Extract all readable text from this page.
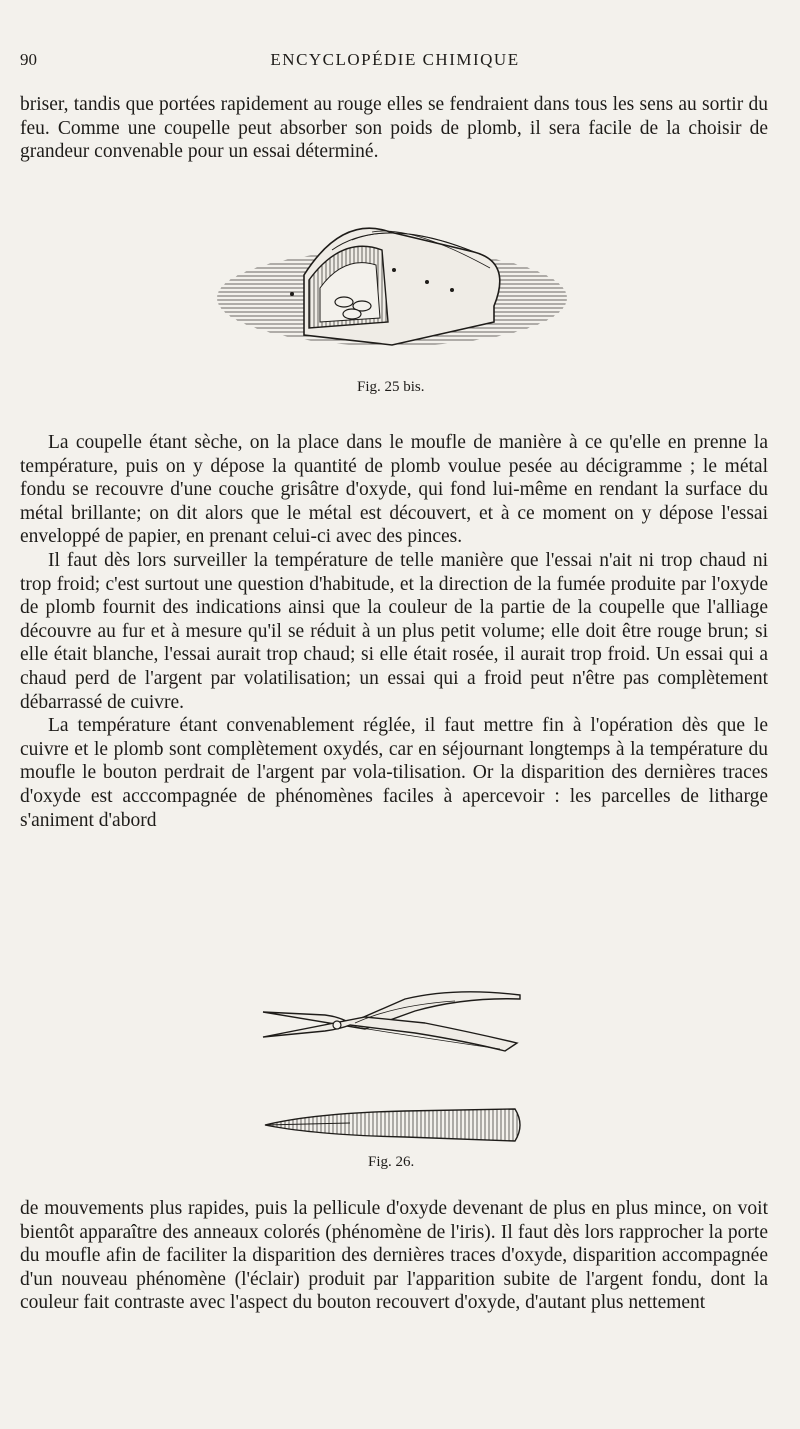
90	ENCYCLOPÉDIE CHIMIQUE

briser, tandis que portées rapidement au rouge elles se fendraient dans tous les sens au sortir du feu. Comme une coupelle peut absorber son poids de plomb, il sera facile de la choisir de grandeur convenable pour un essai déterminé.

Fig. 25 bis.

La coupelle étant sèche, on la place dans le moufle de manière à ce qu'elle en prenne la température, puis on y dépose la quantité de plomb voulue pesée au décigramme ; le métal fondu se recouvre d'une couche grisâtre d'oxyde, qui fond lui-même en rendant la surface du métal brillante; on dit alors que le métal est découvert, et à ce moment on y dépose l'essai enveloppé de papier, en prenant celui-ci avec des pinces.

Il faut dès lors surveiller la température de telle manière que l'essai n'ait ni trop chaud ni trop froid; c'est surtout une question d'habitude, et la direction de la fumée produite par l'oxyde de plomb fournit des indications ainsi que la couleur de la partie de la coupelle que l'alliage découvre au fur et à mesure qu'il se réduit à un plus petit volume; elle doit être rouge brun; si elle était blanche, l'essai aurait trop chaud; si elle était rosée, il aurait trop froid. Un essai qui a chaud perd de l'argent par volatilisation; un essai qui a froid peut n'être pas complètement débarrassé de cuivre.

La température étant convenablement réglée, il faut mettre fin à l'opération dès que le cuivre et le plomb sont complètement oxydés, car en séjournant longtemps à la température du moufle le bouton perdrait de l'argent par vola-tilisation. Or la disparition des dernières traces d'oxyde est acccompagnée de phénomènes faciles à apercevoir : les parcelles de litharge s'animent d'abord

Fig. 26.

de mouvements plus rapides, puis la pellicule d'oxyde devenant de plus en plus mince, on voit bientôt apparaître des anneaux colorés (phénomène de l'iris). Il faut dès lors rapprocher la porte du moufle afin de faciliter la disparition des dernières traces d'oxyde, disparition accompagnée d'un nouveau phénomène (l'éclair) produit par l'apparition subite de l'argent fondu, dont la couleur fait contraste avec l'aspect du bouton recouvert d'oxyde, d'autant plus nettement
